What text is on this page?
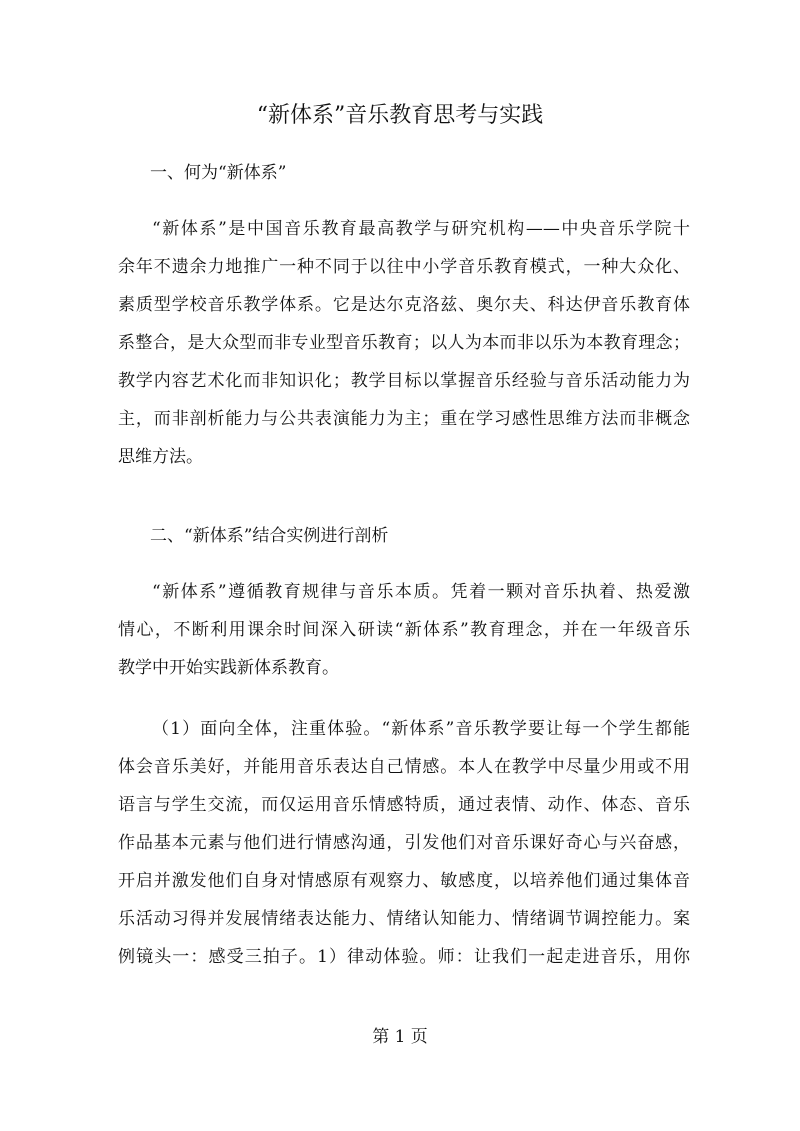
“新体系”音乐教育思考与实践

一、何为“新体系”

“新体系”是中国音乐教育最高教学与研究机构——中央音乐学院十
余年不遗余力地推广一种不同于以往中小学音乐教育模式，一种大众化、
素质型学校音乐教学体系。它是达尔克洛兹、奥尔夫、科达伊音乐教育体
系整合，是大众型而非专业型音乐教育；以人为本而非以乐为本教育理念；
教学内容艺术化而非知识化；教学目标以掌握音乐经验与音乐活动能力为
主，而非剖析能力与公共表演能力为主；重在学习感性思维方法而非概念
思维方法。

二、“新体系”结合实例进行剖析

“新体系”遵循教育规律与音乐本质。凭着一颗对音乐执着、热爱激
情心，不断利用课余时间深入研读“新体系”教育理念，并在一年级音乐
教学中开始实践新体系教育。
（1）面向全体，注重体验。“新体系”音乐教学要让每一个学生都能
体会音乐美好，并能用音乐表达自己情感。本人在教学中尽量少用或不用
语言与学生交流，而仅运用音乐情感特质，通过表情、动作、体态、音乐
作品基本元素与他们进行情感沟通，引发他们对音乐课好奇心与兴奋感，
开启并激发他们自身对情感原有观察力、敏感度，以培养他们通过集体音
乐活动习得并发展情绪表达能力、情绪认知能力、情绪调节调控能力。案
例镜头一：感受三拍子。1）律动体验。师：让我们一起走进音乐，用你
第 1 页
